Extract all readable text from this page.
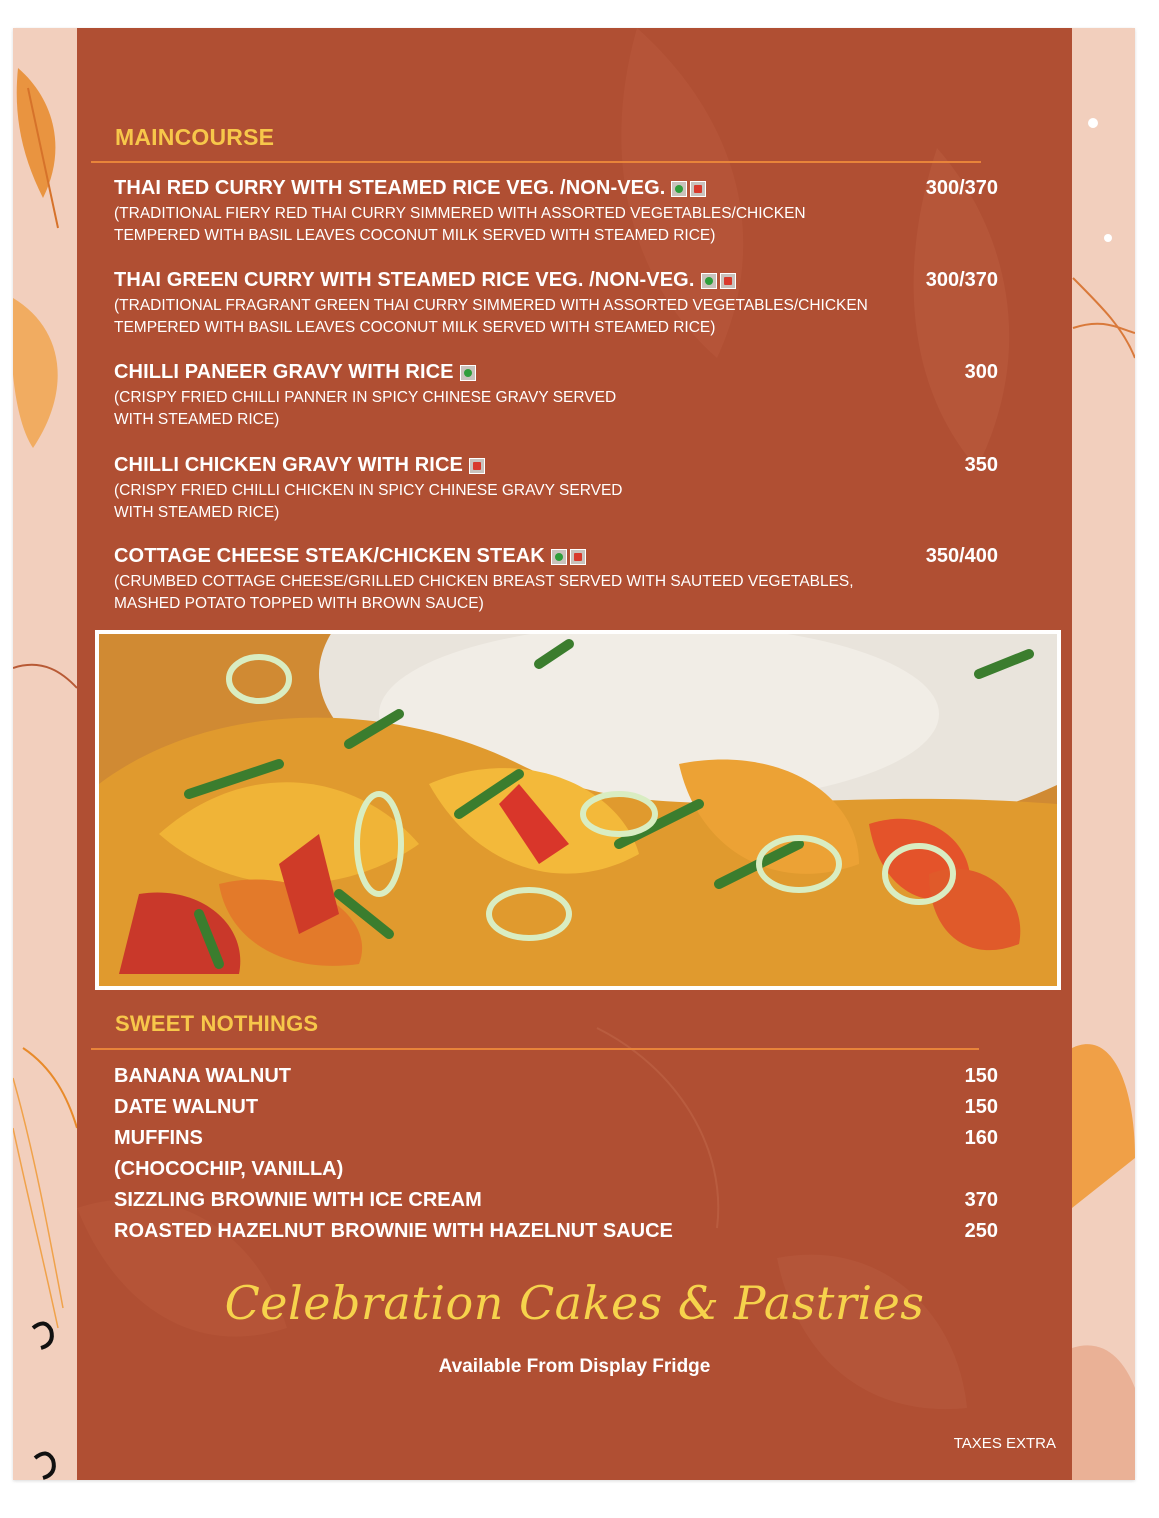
MAINCOURSE
THAI RED CURRY WITH STEAMED RICE VEG. /NON-VEG.	300/370
(TRADITIONAL FIERY RED THAI CURRY SIMMERED WITH ASSORTED VEGETABLES/CHICKEN
TEMPERED WITH BASIL LEAVES COCONUT MILK SERVED WITH STEAMED RICE)
THAI GREEN CURRY WITH STEAMED RICE VEG. /NON-VEG.	300/370
(TRADITIONAL FRAGRANT GREEN THAI CURRY SIMMERED WITH ASSORTED VEGETABLES/CHICKEN
TEMPERED WITH BASIL LEAVES COCONUT MILK SERVED WITH STEAMED RICE)
CHILLI PANEER GRAVY WITH RICE	300
(CRISPY FRIED CHILLI PANNER IN SPICY CHINESE GRAVY SERVED
WITH STEAMED RICE)
CHILLI CHICKEN GRAVY WITH RICE	350
(CRISPY FRIED CHILLI CHICKEN IN SPICY CHINESE GRAVY SERVED
WITH STEAMED RICE)
COTTAGE CHEESE STEAK/CHICKEN STEAK	350/400
(CRUMBED COTTAGE CHEESE/GRILLED CHICKEN BREAST SERVED WITH SAUTEED VEGETABLES,
MASHED POTATO TOPPED WITH BROWN SAUCE)
SWEET NOTHINGS
BANANA WALNUT	150
DATE WALNUT	150
MUFFINS	160
(CHOCOCHIP, VANILLA)
SIZZLING BROWNIE WITH ICE CREAM	370
ROASTED HAZELNUT BROWNIE WITH HAZELNUT SAUCE	250
Celebration Cakes & Pastries
Available From Display Fridge
TAXES EXTRA
